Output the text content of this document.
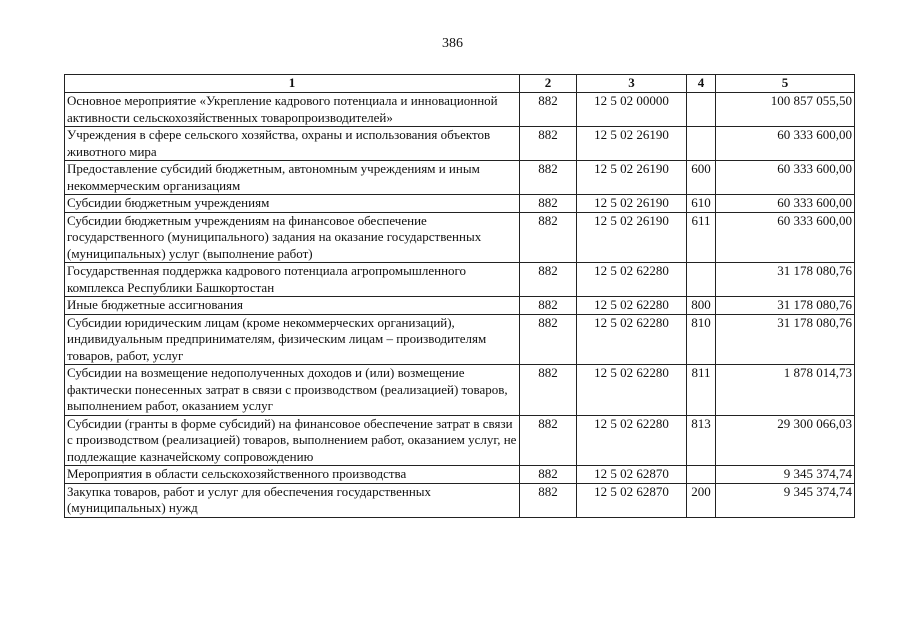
386
1	2	3	4	5
Основное мероприятие «Укрепление кадрового потенциала и инновационной активности сельскохозяйственных товаропроизводителей»	882	12 5 02 00000		100 857 055,50
Учреждения в сфере сельского хозяйства, охраны и использования объектов животного мира	882	12 5 02 26190		60 333 600,00
Предоставление субсидий бюджетным, автономным учреждениям и иным некоммерческим организациям	882	12 5 02 26190	600	60 333 600,00
Субсидии бюджетным учреждениям	882	12 5 02 26190	610	60 333 600,00
Субсидии бюджетным учреждениям на финансовое обеспечение государственного (муниципального) задания на оказание государственных (муниципальных) услуг (выполнение работ)	882	12 5 02 26190	611	60 333 600,00
Государственная поддержка кадрового потенциала агропромышленного комплекса Республики Башкортостан	882	12 5 02 62280		31 178 080,76
Иные бюджетные ассигнования	882	12 5 02 62280	800	31 178 080,76
Субсидии юридическим лицам (кроме некоммерческих организаций), индивидуальным предпринимателям, физическим лицам – производителям товаров, работ, услуг	882	12 5 02 62280	810	31 178 080,76
Субсидии на возмещение недополученных доходов и (или) возмещение фактически понесенных затрат в связи с производством (реализацией) товаров, выполнением работ, оказанием услуг	882	12 5 02 62280	811	1 878 014,73
Субсидии (гранты в форме субсидий) на финансовое обеспечение затрат в связи с производством (реализацией) товаров, выполнением работ, оказанием услуг, не подлежащие казначейскому сопровождению	882	12 5 02 62280	813	29 300 066,03
Мероприятия в области сельскохозяйственного производства	882	12 5 02 62870		9 345 374,74
Закупка товаров, работ и услуг для обеспечения государственных (муниципальных) нужд	882	12 5 02 62870	200	9 345 374,74
